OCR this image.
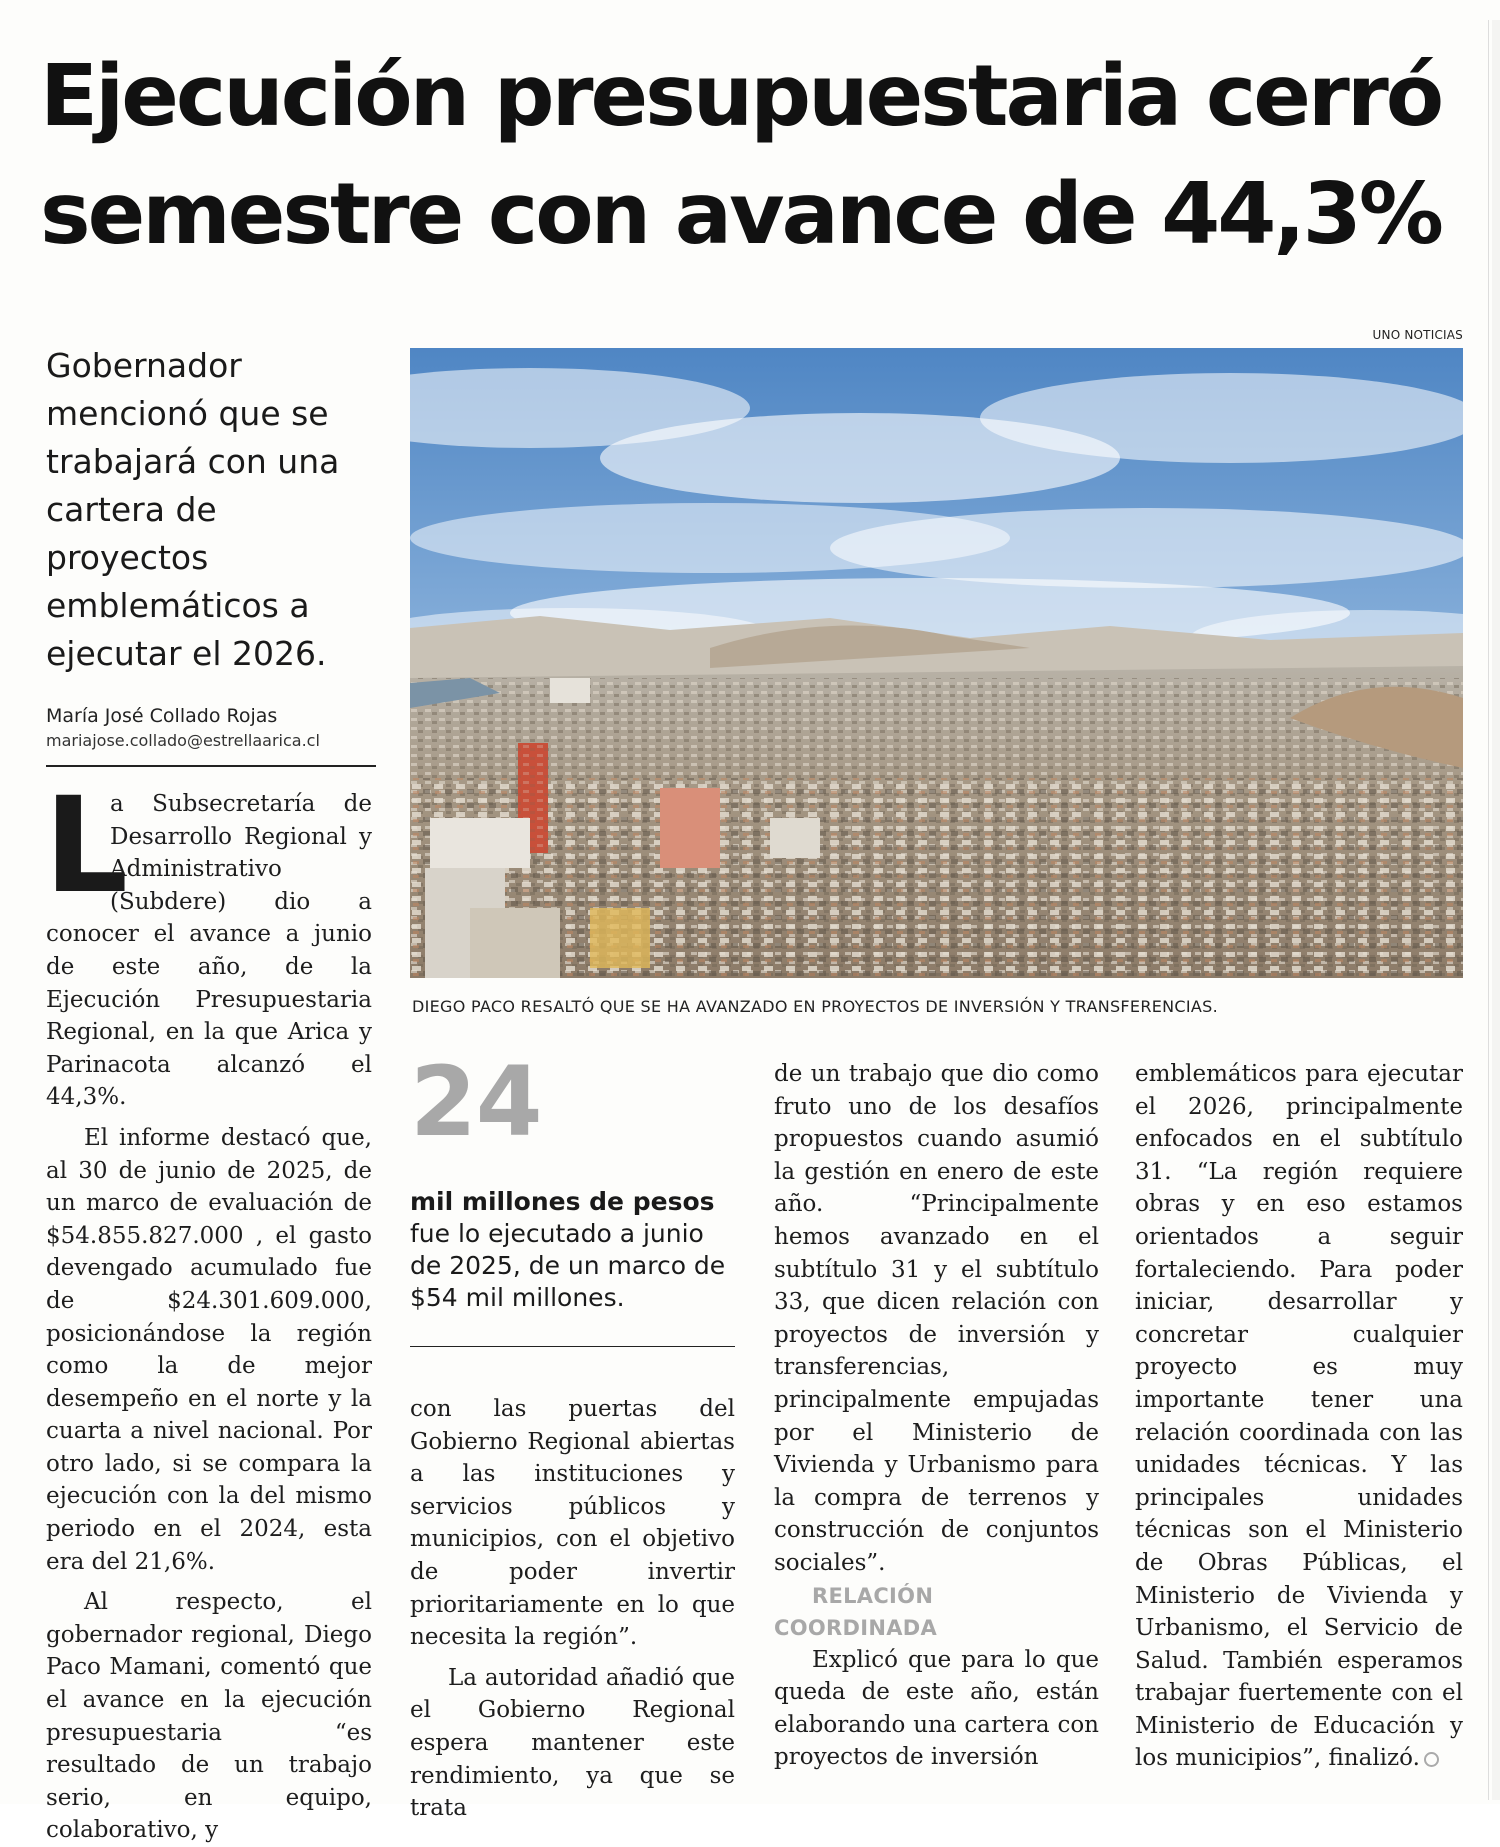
Ejecución presupuestaria cerró
semestre con avance de 44,3%

Gobernador mencionó que se trabajará con una cartera de proyectos emblemáticos a ejecutar el 2026.

María José Collado Rojas
mariajose.collado@estrellaarica.cl
UNO NOTICIAS
DIEGO PACO RESALTÓ QUE SE HA AVANZADO EN PROYECTOS DE INVERSIÓN Y TRANSFERENCIAS.

L
a Subsecretaría de Desarrollo Regional y Administrativo (Subdere) dio a conocer el avance a junio de este año, de la Ejecución Presupuestaria Regional, en la que Arica y Parinacota alcanzó el 44,3%.

El informe destacó que, al 30 de junio de 2025, de un marco de evaluación de $54.855.827.000 , el gasto devengado acumulado fue de $24.301.609.000, posicionándose la región como la de mejor desempeño en el norte y la cuarta a nivel nacional. Por otro lado, si se compara la ejecución con la del mismo periodo en el 2024, esta era del 21,6%.

Al respecto, el gobernador regional, Diego Paco Mamani, comentó que el avance en la ejecución presupuestaria “es resultado de un trabajo serio, en equipo, colaborativo, y

24
mil millones de pesos
fue lo ejecutado a junio de 2025, de un marco de $54 mil millones.

con las puertas del Gobierno Regional abiertas a las instituciones y servicios públicos y municipios, con el objetivo de poder invertir prioritariamente en lo que necesita la región”.

La autoridad añadió que el Gobierno Regional espera mantener este rendimiento, ya que se trata

de un trabajo que dio como fruto uno de los desafíos propuestos cuando asumió la gestión en enero de este año. “Principalmente hemos avanzado en el subtítulo 31 y el subtítulo 33, que dicen relación con proyectos de inversión y transferencias, principalmente empujadas por el Ministerio de Vivienda y Urbanismo para la compra de terrenos y construcción de conjuntos sociales”.

RELACIÓN COORDINADA

Explicó que para lo que queda de este año, están elaborando una cartera con proyectos de inversión

emblemáticos para ejecutar el 2026, principalmente enfocados en el subtítulo 31. “La región requiere obras y en eso estamos orientados a seguir fortaleciendo. Para poder iniciar, desarrollar y concretar cualquier proyecto es muy importante tener una relación coordinada con las unidades técnicas. Y las principales unidades técnicas son el Ministerio de Obras Públicas, el Ministerio de Vivienda y Urbanismo, el Servicio de Salud. También esperamos trabajar fuertemente con el Ministerio de Educación y los municipios”, finalizó.
